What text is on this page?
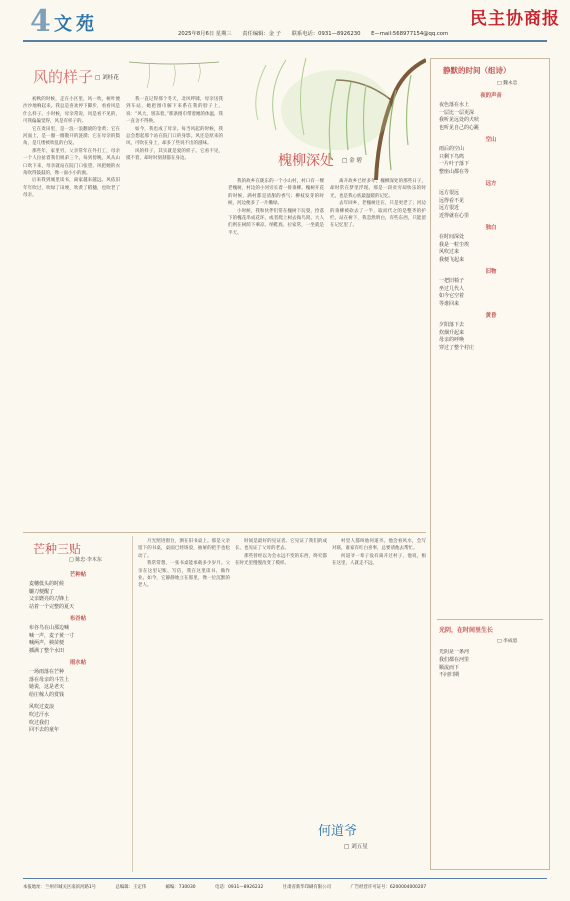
4 文苑	2025年8月6日 星期三　　责任编辑：金 子　　联系电话：0931—8926230　　E—mail:568977154@qq.com
民主协商报
风的样子 □ 刘桂花

初秋的时候，走在小区里，风一吹，树叶便沙沙地响起来。我总是喜欢停下脚步，看看风是什么样子。小时候，母亲常说，风是看不见的，可我偏偏觉得，风是有样子的。

它在麦田里，是一浪一浪翻滚的金黄；它在河面上，是一圈一圈散开的涟漪；它在母亲的鬓角，是几缕被吹乱的白发。

那些年，家里穷，父亲常年在外打工，母亲一个人拉扯着我们姐弟三个。每到傍晚，风从山口吹下来，母亲就站在院门口张望，风把她的衣角吹得鼓鼓的，像一面小小的旗。

后来我到城里读书，离家越来越远。风依旧年年吹过，吹绿了田埂，吹黄了稻穗，也吹老了母亲。

我一直记得那个冬天，北风呼啸，母亲送我到车站，她把围巾解下来系在我的脖子上，说：“风大，别冻着。”那条围巾带着她的体温，我一直舍不得换。

如今，我也成了母亲。每当风起的时候，我总会想起那个站在院门口的身影。风还是原来的风，可吹在身上，却多了些说不出的滋味。

风的样子，其实就是爱的样子。它看不见，摸不着，却时时刻刻都在身边。	槐柳深处 □ 金 碧

我的故乡在陇东的一个小山村，村口有一棵老槐树，村边的小河旁长着一排垂柳。槐树开花的时候，满村都是清甜的香气；柳枝发芽的时候，河边便多了一片嫩绿。

小时候，我和伙伴们常在槐树下玩耍，捡落下的槐花串成花环，或者爬上树去掏鸟窝。大人们则在树荫下乘凉、纳鞋底、拉家常，一坐就是半天。

离开故乡已经多年，槐柳深处的那些日子，却时常在梦里浮现。那是一段贫穷却快乐的时光，也是我心底最温暖的记忆。

去年回乡，老槐树还在，只是更老了；河边的垂柳被砍去了一半，取而代之的是整齐的护栏。站在树下，我忽然明白，有些东西，只能留在记忆里了。

芒种三贴
□ 陈忠·李木东
芒种帖
麦穗低头的时候
镰刀便醒了
父亲磨亮的刀锋上
站着一个完整的夏天
布谷帖
布谷鸟在山那边喊
喊一声，麦子黄一寸
喊两声，秧苗便
插满了整个水田
雨水帖
一场雨落在芒种
落在母亲的斗笠上
她说，这是老天
给庄稼人的赏钱
风吹过麦浪
吹过汗水
吹过我们
回不去的童年

月光照进窗台，洒在旧书桌上。那是父亲留下的书桌，桌面已经斑驳，抽屉的把手也松动了。

我常常想，一张书桌能承载多少岁月。父亲在这里记账、写信，我在这里读书、做作业。如今，它静静地立在那里，像一位沉默的老人。

时间是最好的见证者。它见证了我们的成长，也见证了父母的老去。

那些曾经以为会永远不变的东西，终究都在时光里慢慢改变了模样。

村里人都叫他何道爷。他会看风水，会写对联，谁家有红白喜事，总要请他去帮忙。

何道爷一辈子没有离开过村子，他说，根在这里，人就走不远。

何道爷
□ 刘五星
静默的时间（组诗）
□ 魏永忠
夜的声音
夜色落在水上
一层比一层更深
我听见远处的犬吠
也听见自己的心跳
空山
雨后的空山
只剩下鸟鸣
一片叶子落下
整座山都在等
远方
远方很远
远得看不见
远方很近
近得就在心里
独白
在时间深处
我是一粒尘埃
风吹过来
我便飞起来
旧物
一把旧椅子
坐过几代人
如今它空着
等谁回来
黄昏
夕阳落下去
炊烟升起来
母亲的呼唤
穿过了整个村庄
光阴，在时间里生长
□ 李成恩
光阴是一条河
我们都在河里
顺流而下
不问归期
本报地址：兰州市城关区南滨河路1号	总编辑：王定伟	邮编：730030	电话：0931—8926232	甘肃省新华印刷有限公司	广告经营许可证号：6200004000207
